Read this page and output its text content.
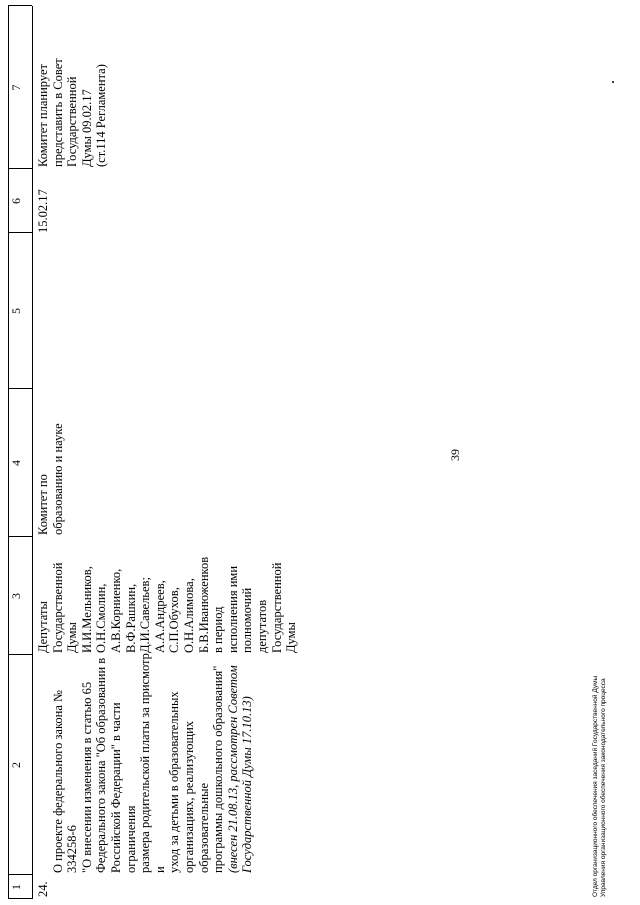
1
2
3
4
5
6
7
24.

О проекте федерального закона № 334258-6
"О внесении изменения в статью 65
Федерального закона "Об образовании в
Российской Федерации" в части ограничения
размера родительской платы за присмотр и
уход за детьми в образовательных
организациях, реализующих образовательные
программы дошкольного образования"
(внесен 21.08.13, рассмотрен Советом
Государственной Думы 17.10.13)

Депутаты
Государственной
Думы
И.И.Мельников,
О.Н.Смолин,
А.В.Корниенко,
В.Ф.Рашкин,
Д.И.Савельев;
А.А.Андреев,
С.П.Обухов,
О.Н.Алимова,
Б.В.Иванюженков
в период
исполнения ими
полномочий
депутатов
Государственной
Думы
Комитет по
образованию и науке
15.02.17
Комитет планирует
представить в Совет
Государственной
Думы 09.02.17
(ст.114 Регламента)
39
Отдел организационного обеспечения заседаний Государственной Думы
Управления организационного обеспечения законодательного процесса
